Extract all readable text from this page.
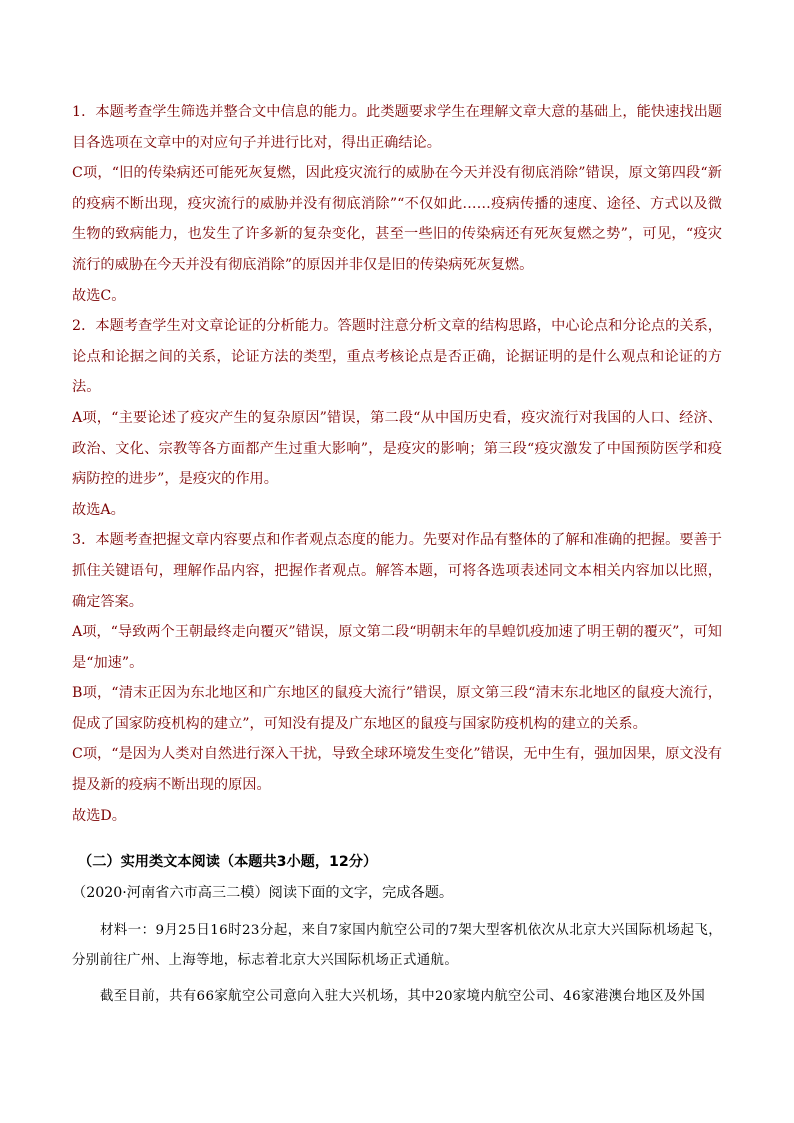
1．本题考查学生筛选并整合文中信息的能力。此类题要求学生在理解文章大意的基础上，能快速找出题目各选项在文章中的对应句子并进行比对，得出正确结论。

C项，“旧的传染病还可能死灰复燃，因此疫灾流行的威胁在今天并没有彻底消除”错误，原文第四段“新的疫病不断出现，疫灾流行的威胁并没有彻底消除”“不仅如此……疫病传播的速度、途径、方式以及微生物的致病能力，也发生了许多新的复杂变化，甚至一些旧的传染病还有死灰复燃之势”，可见，“疫灾流行的威胁在今天并没有彻底消除”的原因并非仅是旧的传染病死灰复燃。

故选C。

2．本题考查学生对文章论证的分析能力。答题时注意分析文章的结构思路，中心论点和分论点的关系，论点和论据之间的关系，论证方法的类型，重点考核论点是否正确，论据证明的是什么观点和论证的方法。

A项，“主要论述了疫灾产生的复杂原因”错误，第二段“从中国历史看，疫灾流行对我国的人口、经济、政治、文化、宗教等各方面都产生过重大影响”，是疫灾的影响；第三段“疫灾激发了中国预防医学和疫病防控的进步”，是疫灾的作用。

故选A。

3．本题考查把握文章内容要点和作者观点态度的能力。先要对作品有整体的了解和准确的把握。要善于抓住关键语句，理解作品内容，把握作者观点。解答本题，可将各选项表述同文本相关内容加以比照，确定答案。

A项，“导致两个王朝最终走向覆灭”错误，原文第二段“明朝末年的旱蝗饥疫加速了明王朝的覆灭”，可知是“加速”。

B项，“清末正因为东北地区和广东地区的鼠疫大流行”错误，原文第三段“清末东北地区的鼠疫大流行，促成了国家防疫机构的建立”，可知没有提及广东地区的鼠疫与国家防疫机构的建立的关系。

C项，“是因为人类对自然进行深入干扰，导致全球环境发生变化”错误，无中生有，强加因果，原文没有提及新的疫病不断出现的原因。

故选D。

（二）实用类文本阅读（本题共3小题，12分）
（2020·河南省六市高三二模）阅读下面的文字，完成各题。

材料一：9月25日16时23分起，来自7家国内航空公司的7架大型客机依次从北京大兴国际机场起飞，分别前往广州、上海等地，标志着北京大兴国际机场正式通航。

截至目前，共有66家航空公司意向入驻大兴机场，其中20家境内航空公司、46家港澳台地区及外国
